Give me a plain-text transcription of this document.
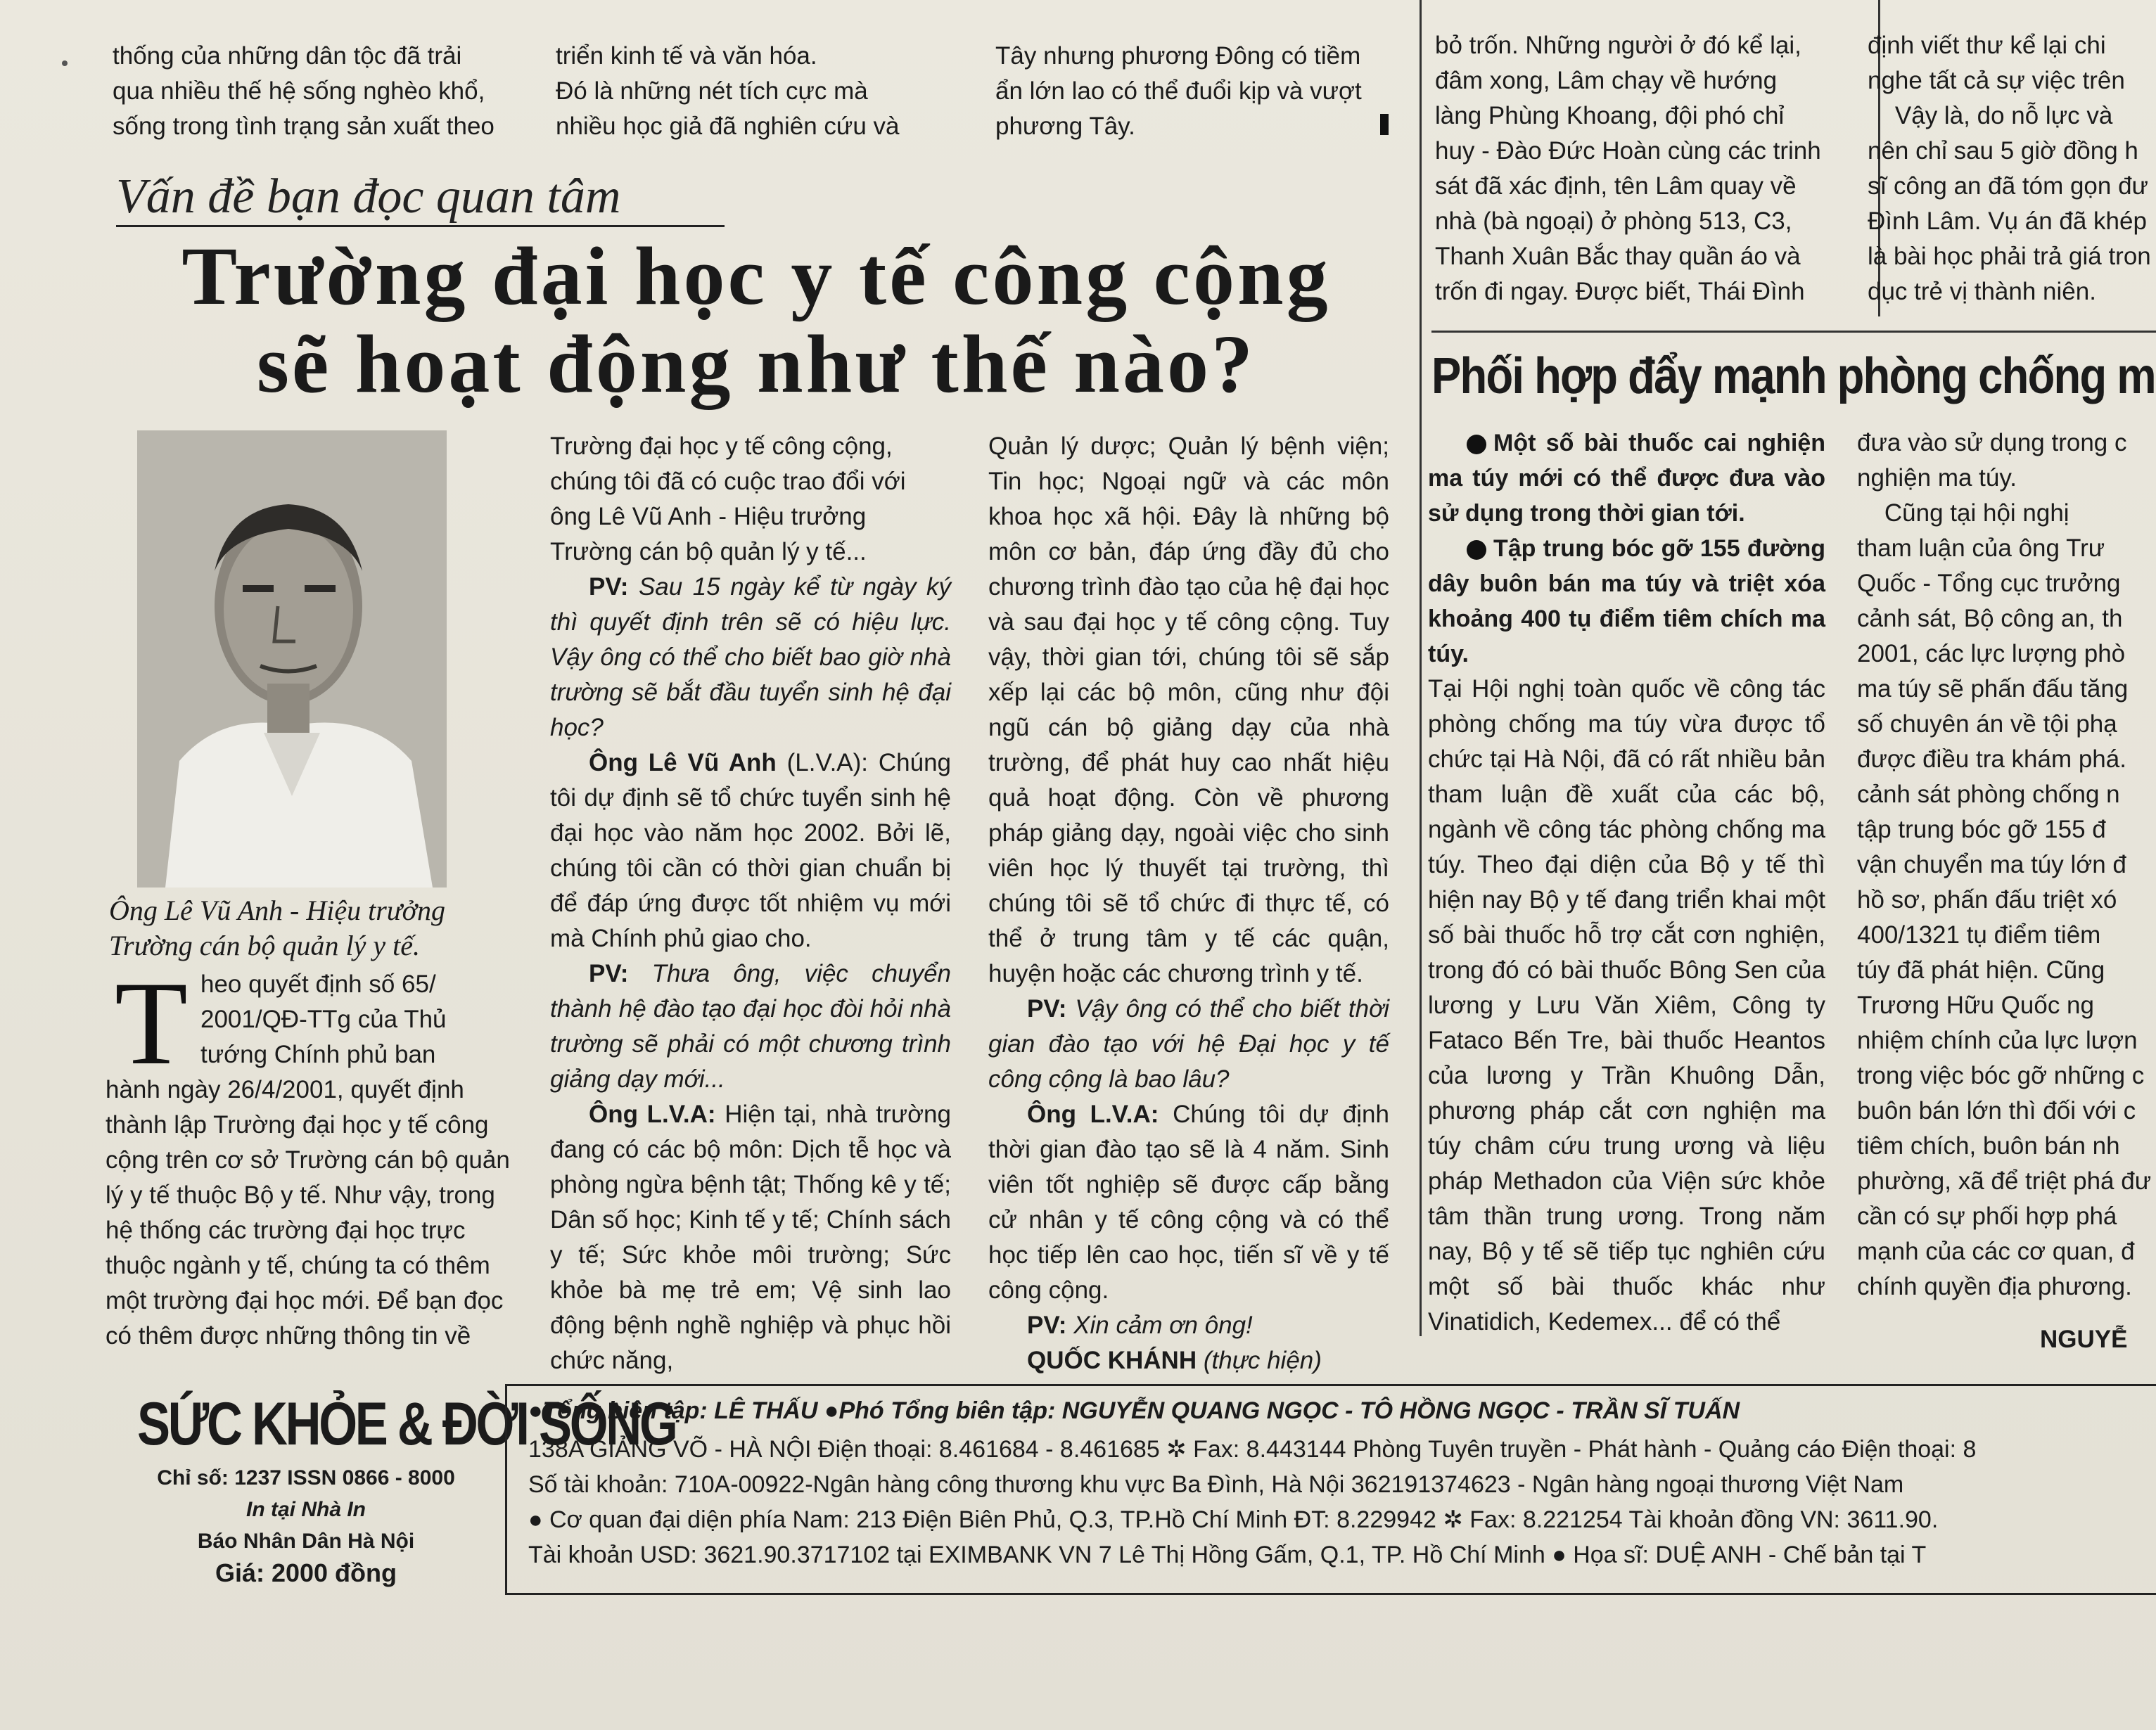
thống của những dân tộc đã trải
qua nhiều thế hệ sống nghèo khổ,
sống trong tình trạng sản xuất theo
triển kinh tế và văn hóa.
Đó là những nét tích cực mà
nhiều học giả đã nghiên cứu và
Tây nhưng phương Đông có tiềm
ẩn lớn lao có thể đuổi kịp và vượt
phương Tây.
Vấn đề bạn đọc quan tâm
Trường đại học y tế công cộng
sẽ hoạt động như thế nào?
Ông Lê Vũ Anh - Hiệu trưởng
Trường cán bộ quản lý y tế.
T heo quyết định số 65/
2001/QĐ-TTg của Thủ
tướng Chính phủ ban
hành ngày 26/4/2001, quyết định
thành lập Trường đại học y tế công
cộng trên cơ sở Trường cán bộ quản
lý y tế thuộc Bộ y tế. Như vậy, trong
hệ thống các trường đại học trực
thuộc ngành y tế, chúng ta có thêm
một trường đại học mới. Để bạn đọc
có thêm được những thông tin về
Trường đại học y tế công cộng,
chúng tôi đã có cuộc trao đổi với
ông Lê Vũ Anh - Hiệu trưởng
Trường cán bộ quản lý y tế...
PV: Sau 15 ngày kể từ ngày ký thì quyết định trên sẽ có hiệu lực. Vậy ông có thể cho biết bao giờ nhà trường sẽ bắt đầu tuyển sinh hệ đại học?
Ông Lê Vũ Anh (L.V.A): Chúng tôi dự định sẽ tổ chức tuyển sinh hệ đại học vào năm học 2002. Bởi lẽ, chúng tôi cần có thời gian chuẩn bị để đáp ứng được tốt nhiệm vụ mới mà Chính phủ giao cho.
PV: Thưa ông, việc chuyển thành hệ đào tạo đại học đòi hỏi nhà trường sẽ phải có một chương trình giảng dạy mới...
Ông L.V.A: Hiện tại, nhà trường đang có các bộ môn: Dịch tễ học và phòng ngừa bệnh tật; Thống kê y tế; Dân số học; Kinh tế y tế; Chính sách y tế; Sức khỏe môi trường; Sức khỏe bà mẹ trẻ em; Vệ sinh lao động bệnh nghề nghiệp và phục hồi chức năng,
Quản lý dược; Quản lý bệnh viện; Tin học; Ngoại ngữ và các môn khoa học xã hội. Đây là những bộ môn cơ bản, đáp ứng đầy đủ cho chương trình đào tạo của hệ đại học và sau đại học y tế công cộng. Tuy vậy, thời gian tới, chúng tôi sẽ sắp xếp lại các bộ môn, cũng như đội ngũ cán bộ giảng dạy của nhà trường, để phát huy cao nhất hiệu quả hoạt động. Còn về phương pháp giảng dạy, ngoài việc cho sinh viên học lý thuyết tại trường, thì chúng tôi sẽ tổ chức đi thực tế, có thể ở trung tâm y tế các quận, huyện hoặc các chương trình y tế.
PV: Vậy ông có thể cho biết thời gian đào tạo với hệ Đại học y tế công cộng là bao lâu?
Ông L.V.A: Chúng tôi dự định thời gian đào tạo sẽ là 4 năm. Sinh viên tốt nghiệp sẽ được cấp bằng cử nhân y tế công cộng và có thể học tiếp lên cao học, tiến sĩ về y tế công cộng.
PV: Xin cảm ơn ông!
QUỐC KHÁNH (thực hiện)
bỏ trốn. Những người ở đó kể lại,
đâm xong, Lâm chạy về hướng
làng Phùng Khoang, đội phó chỉ
huy - Đào Đức Hoàn cùng các trinh
sát đã xác định, tên Lâm quay về
nhà (bà ngoại) ở phòng 513, C3,
Thanh Xuân Bắc thay quần áo và
trốn đi ngay. Được biết, Thái Đình
định viết thư kể lại chi
nghe tất cả sự việc trên
Vậy là, do nỗ lực và
nên chỉ sau 5 giờ đồng h
sĩ công an đã tóm gọn đư
Đình Lâm. Vụ án đã khép
là bài học phải trả giá tron
dục trẻ vị thành niên.
Phối hợp đẩy mạnh phòng chống m
Một số bài thuốc cai nghiện ma túy mới có thể được đưa vào sử dụng trong thời gian tới.
Tập trung bóc gỡ 155 đường dây buôn bán ma túy và triệt xóa khoảng 400 tụ điểm tiêm chích ma túy.
Tại Hội nghị toàn quốc về công tác phòng chống ma túy vừa được tổ chức tại Hà Nội, đã có rất nhiều bản tham luận đề xuất của các bộ, ngành về công tác phòng chống ma túy. Theo đại diện của Bộ y tế thì hiện nay Bộ y tế đang triển khai một số bài thuốc hỗ trợ cắt cơn nghiện, trong đó có bài thuốc Bông Sen của lương y Lưu Văn Xiêm, Công ty Fataco Bến Tre, bài thuốc Heantos của lương y Trần Khuông Dẫn, phương pháp cắt cơn nghiện ma túy châm cứu trung ương và liệu pháp Methadon của Viện sức khỏe tâm thần trung ương. Trong năm nay, Bộ y tế sẽ tiếp tục nghiên cứu một số bài thuốc khác như Vinatidich, Kedemex... để có thể
đưa vào sử dụng trong c
nghiện ma túy.
Cũng tại hội nghị
tham luận của ông Trư
Quốc - Tổng cục trưởng
cảnh sát, Bộ công an, th
2001, các lực lượng phò
ma túy sẽ phấn đấu tăng
số chuyên án về tội phạ
được điều tra khám phá.
cảnh sát phòng chống n
tập trung bóc gỡ 155 đ
vận chuyển ma túy lớn đ
hồ sơ, phấn đấu triệt xó
400/1321 tụ điểm tiêm
túy đã phát hiện. Cũng
Trương Hữu Quốc ng
nhiệm chính của lực lượn
trong việc bóc gỡ những c
buôn bán lớn thì đối với c
tiêm chích, buôn bán nh
phường, xã để triệt phá đư
cần có sự phối hợp phá
mạnh của các cơ quan, đ
chính quyền địa phương.
NGUYỄ
SỨC KHỎE & ĐỜI SỐNG
Chỉ số: 1237 ISSN 0866 - 8000
In tại Nhà In
Báo Nhân Dân Hà Nội
Giá: 2000 đồng
●Tổng biên tập: LÊ THẤU ●Phó Tổng biên tập: NGUYỄN QUANG NGỌC - TÔ HỒNG NGỌC - TRẦN SĨ TUẤN
138A GIẢNG VÕ - HÀ NỘI Điện thoại: 8.461684 - 8.461685 ✲ Fax: 8.443144 Phòng Tuyên truyền - Phát hành - Quảng cáo Điện thoại: 8
Số tài khoản: 710A-00922-Ngân hàng công thương khu vực Ba Đình, Hà Nội 362191374623 - Ngân hàng ngoại thương Việt Nam
● Cơ quan đại diện phía Nam: 213 Điện Biên Phủ, Q.3, TP.Hồ Chí Minh ĐT: 8.229942 ✲ Fax: 8.221254 Tài khoản đồng VN: 3611.90.
Tài khoản USD: 3621.90.3717102 tại EXIMBANK VN 7 Lê Thị Hồng Gấm, Q.1, TP. Hồ Chí Minh ● Họa sĩ: DUỆ ANH - Chế bản tại T
